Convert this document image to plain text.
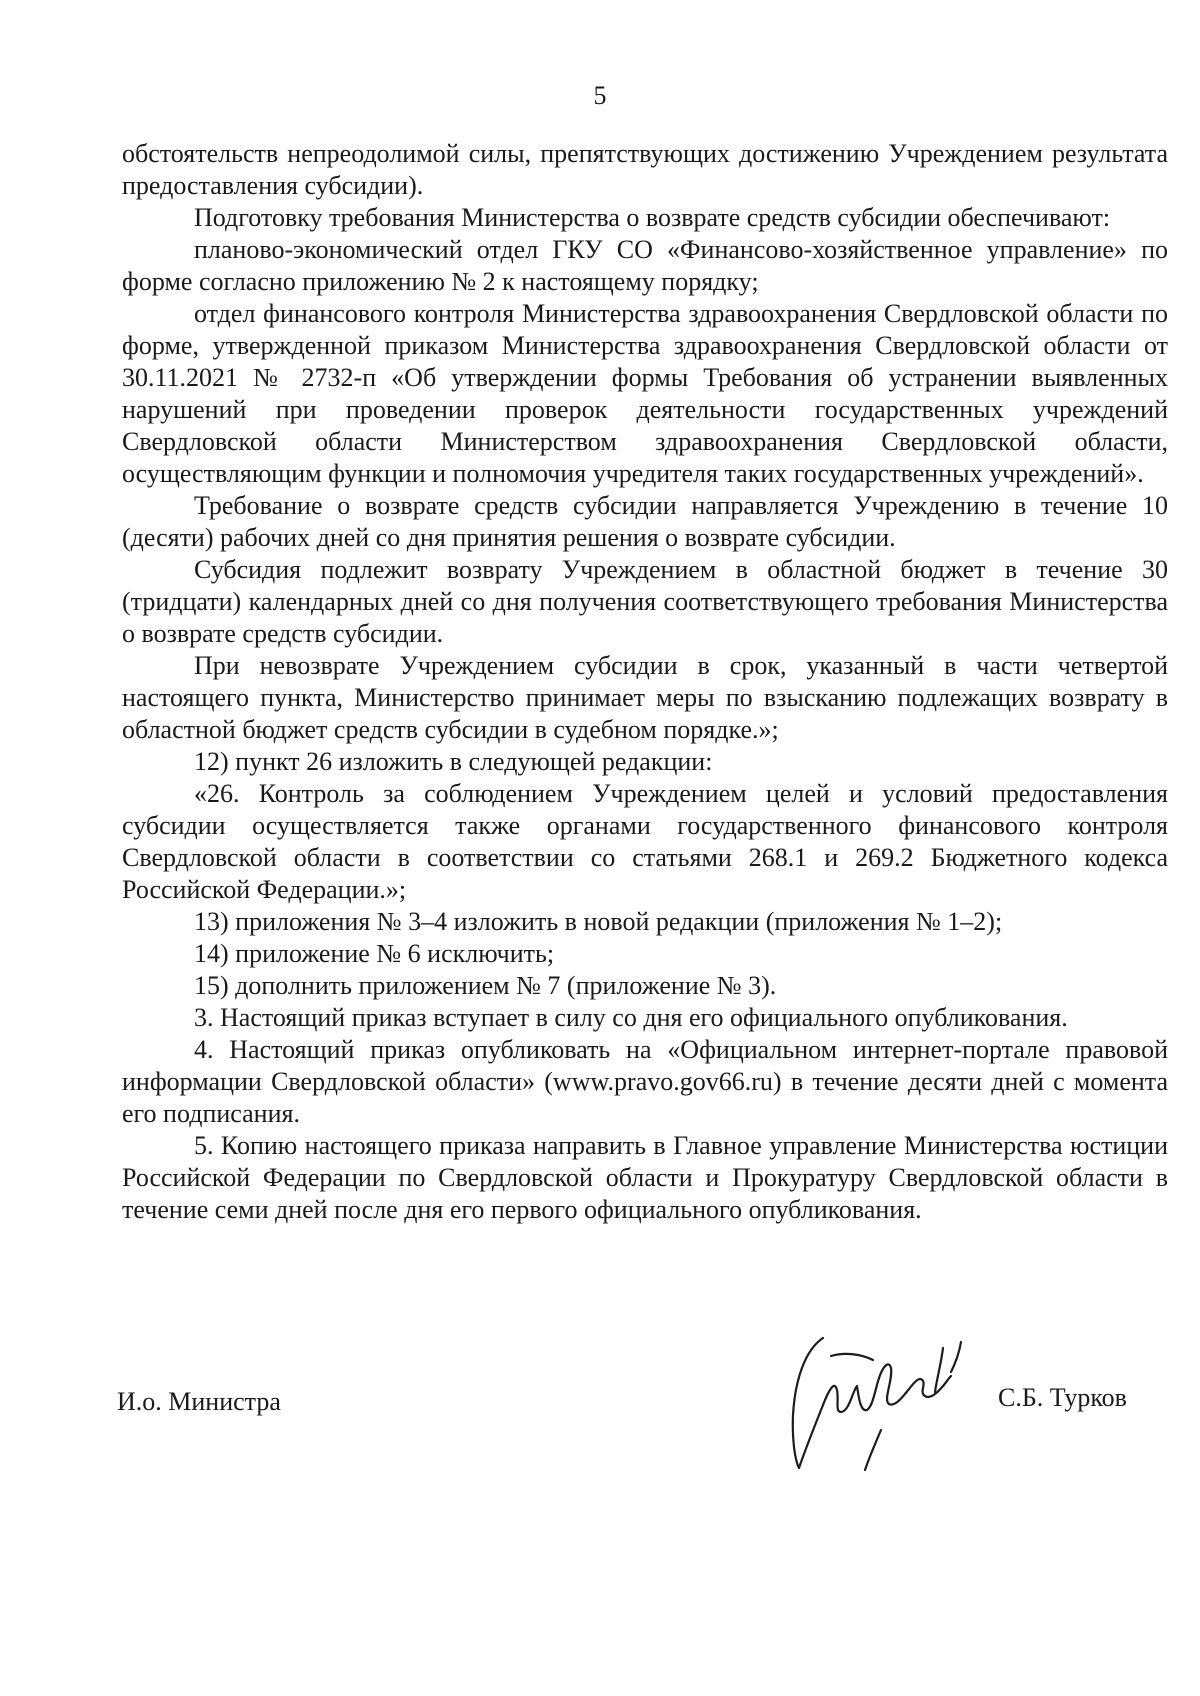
5

обстоятельств непреодолимой силы, препятствующих достижению Учреждением результата предоставления субсидии).

Подготовку требования Министерства о возврате средств субсидии обеспечивают:

планово-экономический отдел ГКУ СО «Финансово-хозяйственное управление» по форме согласно приложению № 2 к настоящему порядку;

отдел финансового контроля Министерства здравоохранения Свердловской области по форме, утвержденной приказом Министерства здравоохранения Свердловской области от 30.11.2021 № 2732-п «Об утверждении формы Требования об устранении выявленных нарушений при проведении проверок деятельности государственных учреждений Свердловской области Министерством здравоохранения Свердловской области, осуществляющим функции и полномочия учредителя таких государственных учреждений».

Требование о возврате средств субсидии направляется Учреждению в течение 10 (десяти) рабочих дней со дня принятия решения о возврате субсидии.

Субсидия подлежит возврату Учреждением в областной бюджет в течение 30 (тридцати) календарных дней со дня получения соответствующего требования Министерства о возврате средств субсидии.

При невозврате Учреждением субсидии в срок, указанный в части четвертой настоящего пункта, Министерство принимает меры по взысканию подлежащих возврату в областной бюджет средств субсидии в судебном порядке.»;

12) пункт 26 изложить в следующей редакции:

«26. Контроль за соблюдением Учреждением целей и условий предоставления субсидии осуществляется также органами государственного финансового контроля Свердловской области в соответствии со статьями 268.1 и 269.2 Бюджетного кодекса Российской Федерации.»;

13) приложения № 3–4 изложить в новой редакции (приложения № 1–2);

14) приложение № 6 исключить;

15) дополнить приложением № 7 (приложение № 3).

3. Настоящий приказ вступает в силу со дня его официального опубликования.

4. Настоящий приказ опубликовать на «Официальном интернет-портале правовой информации Свердловской области» (www.pravo.gov66.ru) в течение десяти дней с момента его подписания.

5. Копию настоящего приказа направить в Главное управление Министерства юстиции Российской Федерации по Свердловской области и Прокуратуру Свердловской области в течение семи дней после дня его первого официального опубликования.

И.о. Министра	С.Б. Турков
